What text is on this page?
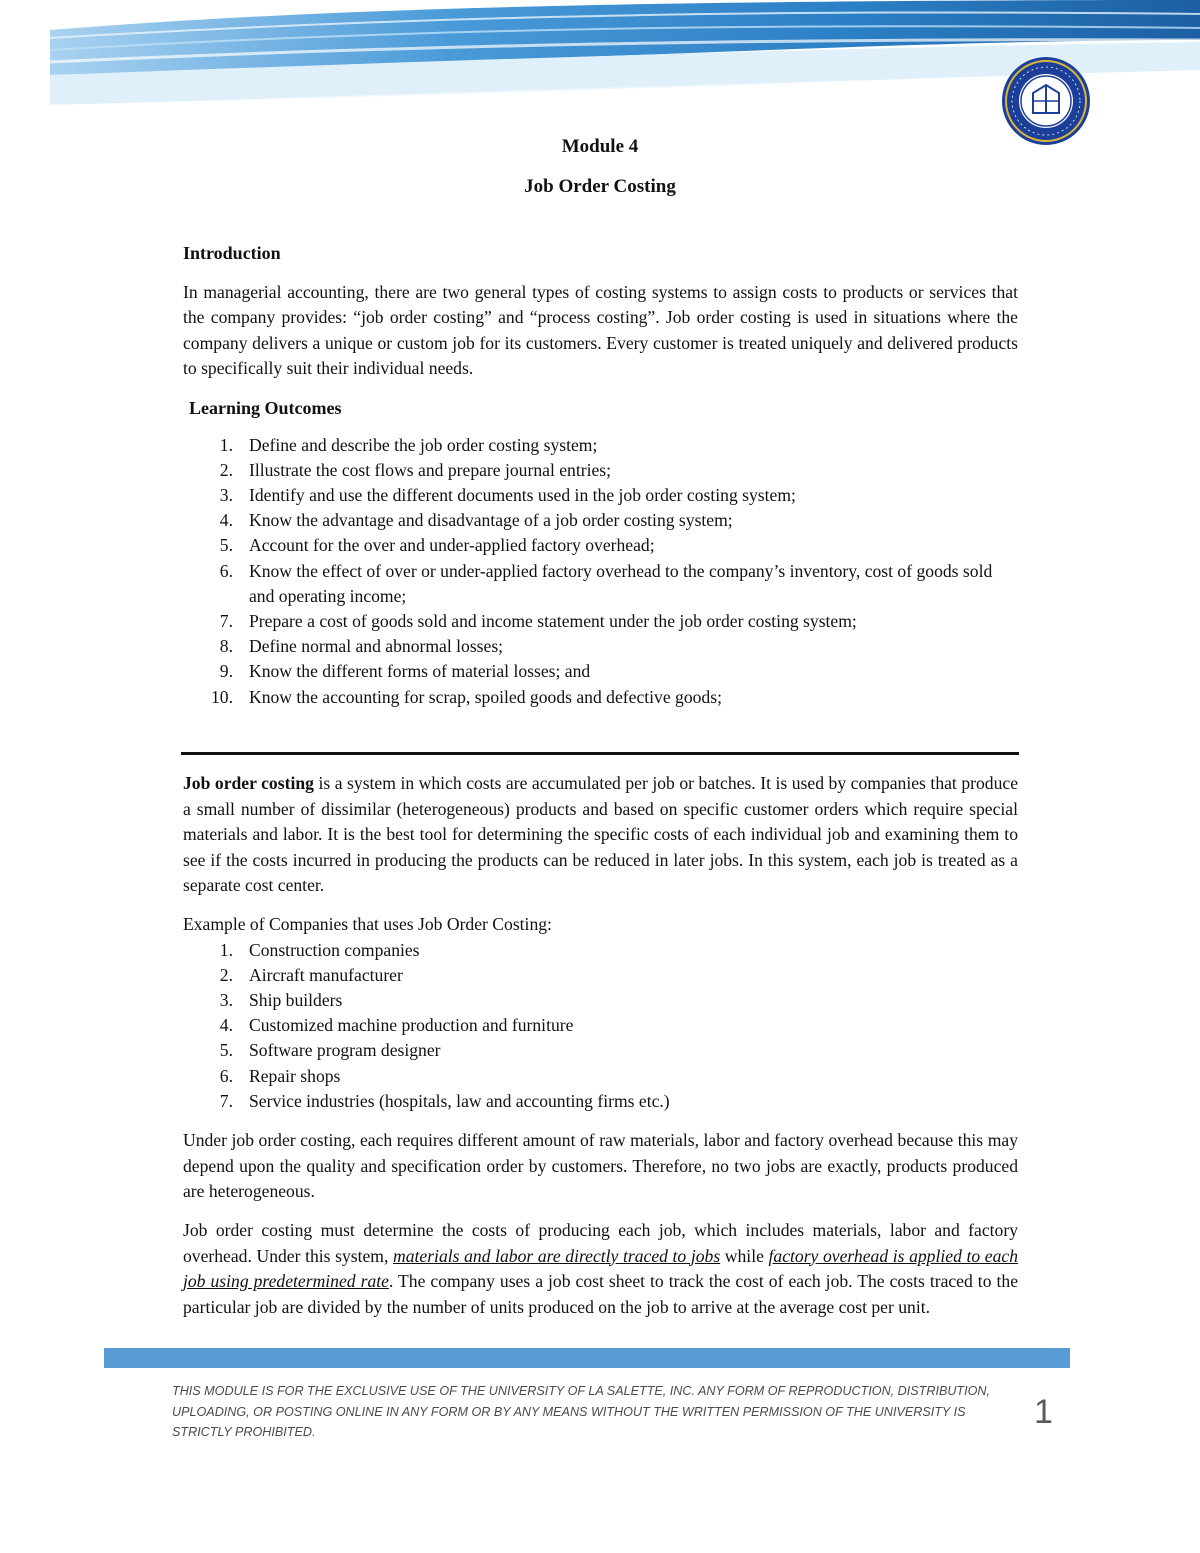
Module 4
Job Order Costing

Introduction

In managerial accounting, there are two general types of costing systems to assign costs to products or services that the company provides: “job order costing” and “process costing”. Job order costing is used in situations where the company delivers a unique or custom job for its customers. Every customer is treated uniquely and delivered products to specifically suit their individual needs.

Learning Outcomes

1. Define and describe the job order costing system;
2. Illustrate the cost flows and prepare journal entries;
3. Identify and use the different documents used in the job order costing system;
4. Know the advantage and disadvantage of a job order costing system;
5. Account for the over and under-applied factory overhead;
6. Know the effect of over or under-applied factory overhead to the company’s inventory, cost of goods sold and operating income;
7. Prepare a cost of goods sold and income statement under the job order costing system;
8. Define normal and abnormal losses;
9. Know the different forms of material losses; and
10. Know the accounting for scrap, spoiled goods and defective goods;

Job order costing is a system in which costs are accumulated per job or batches. It is used by companies that produce a small number of dissimilar (heterogeneous) products and based on specific customer orders which require special materials and labor. It is the best tool for determining the specific costs of each individual job and examining them to see if the costs incurred in producing the products can be reduced in later jobs. In this system, each job is treated as a separate cost center.

Example of Companies that uses Job Order Costing:

1. Construction companies
2. Aircraft manufacturer
3. Ship builders
4. Customized machine production and furniture
5. Software program designer
6. Repair shops
7. Service industries (hospitals, law and accounting firms etc.)

Under job order costing, each requires different amount of raw materials, labor and factory overhead because this may depend upon the quality and specification order by customers. Therefore, no two jobs are exactly, products produced are heterogeneous.

Job order costing must determine the costs of producing each job, which includes materials, labor and factory overhead. Under this system, materials and labor are directly traced to jobs while factory overhead is applied to each job using predetermined rate. The company uses a job cost sheet to track the cost of each job. The costs traced to the particular job are divided by the number of units produced on the job to arrive at the average cost per unit.

THIS MODULE IS FOR THE EXCLUSIVE USE OF THE UNIVERSITY OF LA SALETTE, INC. ANY FORM OF REPRODUCTION, DISTRIBUTION, UPLOADING, OR POSTING ONLINE IN ANY FORM OR BY ANY MEANS WITHOUT THE WRITTEN PERMISSION OF THE UNIVERSITY IS STRICTLY PROHIBITED.
1
